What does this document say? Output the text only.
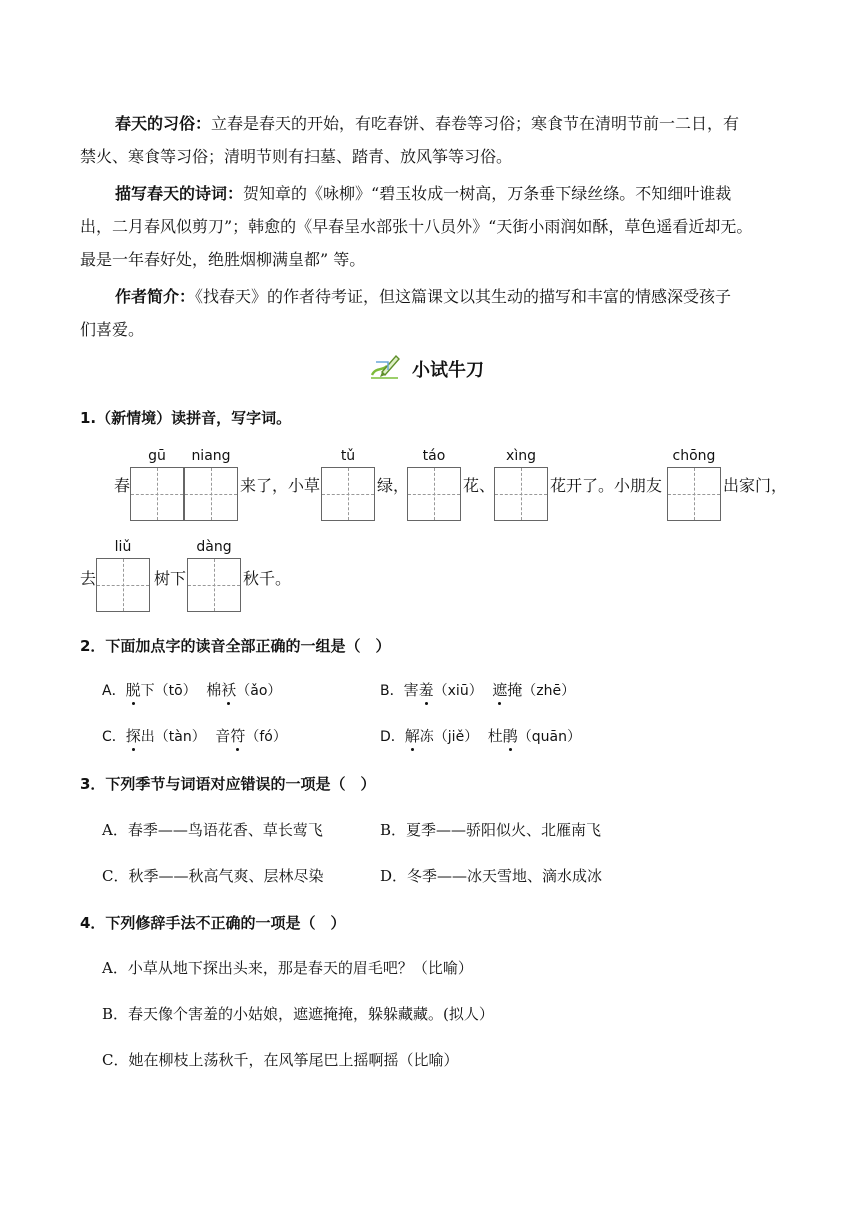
春天的习俗：立春是春天的开始，有吃春饼、春卷等习俗；寒食节在清明节前一二日，有
禁火、寒食等习俗；清明节则有扫墓、踏青、放风筝等习俗。
描写春天的诗词：贺知章的《咏柳》“碧玉妆成一树高，万条垂下绿丝绦。不知细叶谁裁
出，二月春风似剪刀”；韩愈的《早春呈水部张十八员外》“天街小雨润如酥，草色遥看近却无。
最是一年春好处，绝胜烟柳满皇都” 等。
作者简介：《找春天》的作者待考证，但这篇课文以其生动的描写和丰富的情感深受孩子
们喜爱。
小试牛刀
1.（新情境）读拼音，写字词。
春
gū	niang
来了，小草
tǔ
绿，
táo
花、
xìng
花开了。小朋友
chōng
出家门，
去
liǔ
树下
dàng
秋千。
2．下面加点字的读音全部正确的一组是（　）
A．脱下（tō） 棉袄（ǎo）	B．害羞（xiū） 遮掩（zhē）
C．探出（tàn） 音符（fó）	D．解冻（jiě） 杜鹃（quān）
3．下列季节与词语对应错误的一项是（　）
A．春季——鸟语花香、草长莺飞	B．夏季——骄阳似火、北雁南飞
C．秋季——秋高气爽、层林尽染	D．冬季——冰天雪地、滴水成冰
4．下列修辞手法不正确的一项是（　）
A．小草从地下探出头来，那是春天的眉毛吧？（比喻）
B．春天像个害羞的小姑娘，遮遮掩掩，躲躲藏藏。(拟人）
C．她在柳枝上荡秋千，在风筝尾巴上摇啊摇（比喻）
